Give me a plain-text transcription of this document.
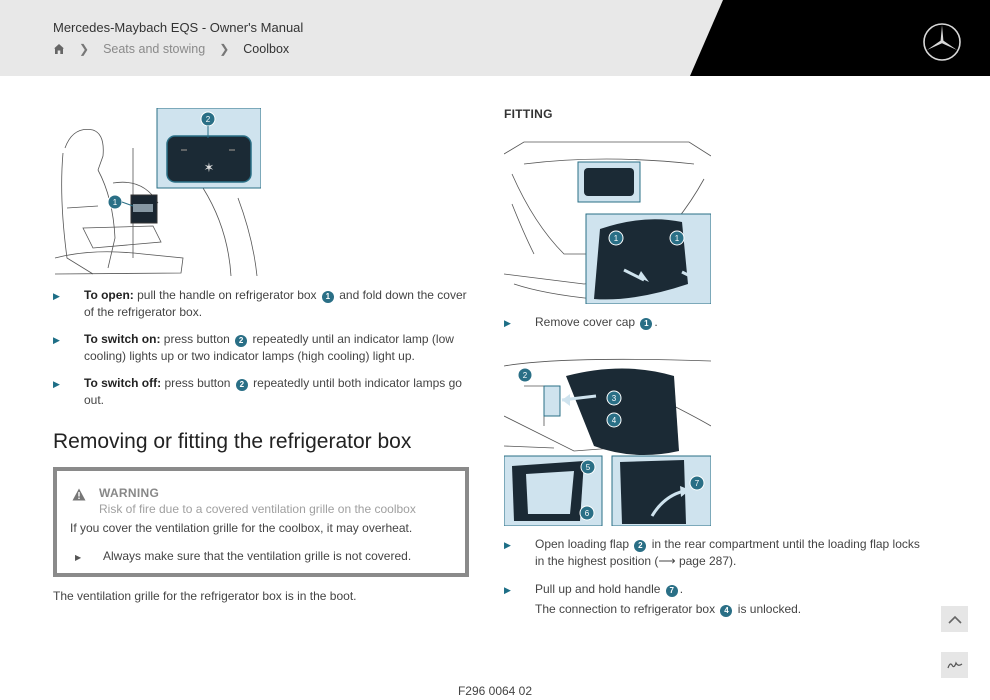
Mercedes-Maybach EQS - Owner's Manual
❯ Seats and stowing ❯ Coolbox
1
✶
2
▶	To open: pull the handle on refrigerator box 1 and fold down the cover
of the refrigerator box.
▶	To switch on: press button 2 repeatedly until an indicator lamp (low
cooling) lights up or two indicator lamps (high cooling) light up.
▶	To switch off: press button 2 repeatedly until both indicator lamps go
out.
Removing or fitting the refrigerator box
WARNING
Risk of fire due to a covered ventilation grille on the coolbox
If you cover the ventilation grille for the coolbox, it may overheat.
▶ Always make sure that the ventilation grille is not covered.
The ventilation grille for the refrigerator box is in the boot.
FITTING
1	1
▶	Remove cover cap 1 .
2
3
4
5
6
7
▶	Open loading flap 2 in the rear compartment until the loading flap locks
in the highest position (⟶ page 287).
▶	Pull up and hold handle 7 .
The connection to refrigerator box 4 is unlocked.
F296 0064 02
